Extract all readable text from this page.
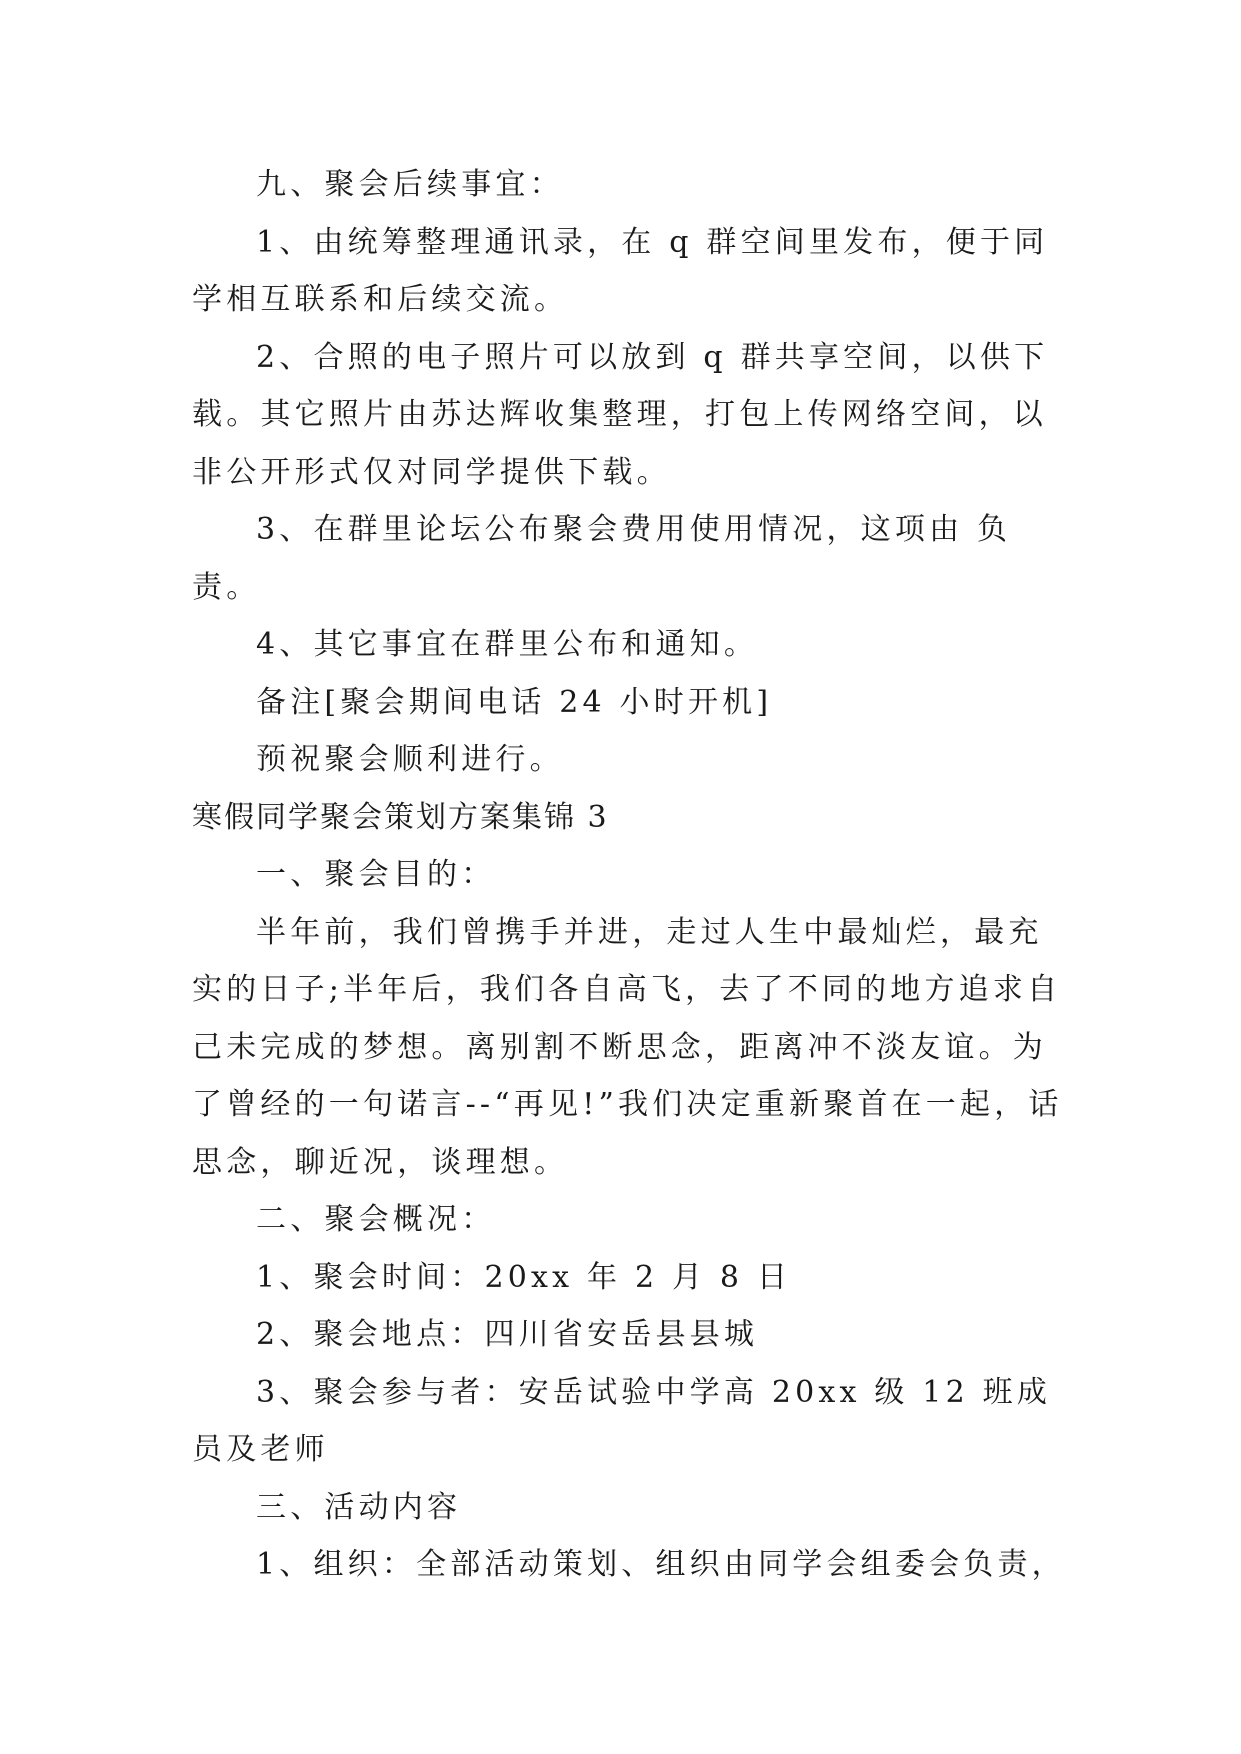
九、聚会后续事宜：

1、由统筹整理通讯录，在 q 群空间里发布，便于同学相互联系和后续交流。

2、合照的电子照片可以放到 q 群共享空间，以供下载。其它照片由苏达辉收集整理，打包上传网络空间，以非公开形式仅对同学提供下载。

3、在群里论坛公布聚会费用使用情况，这项由 负责。

4、其它事宜在群里公布和通知。

备注[聚会期间电话 24 小时开机]

预祝聚会顺利进行。

寒假同学聚会策划方案集锦 3

一、聚会目的：

半年前，我们曾携手并进，走过人生中最灿烂，最充实的日子;半年后，我们各自高飞，去了不同的地方追求自己未完成的梦想。离别割不断思念，距离冲不淡友谊。为了曾经的一句诺言--“再见!”我们决定重新聚首在一起，话思念，聊近况，谈理想。

二、聚会概况：

1、聚会时间：20xx 年 2 月 8 日

2、聚会地点：四川省安岳县县城

3、聚会参与者：安岳试验中学高 20xx 级 12 班成员及老师

三、活动内容

1、组织：全部活动策划、组织由同学会组委会负责，
